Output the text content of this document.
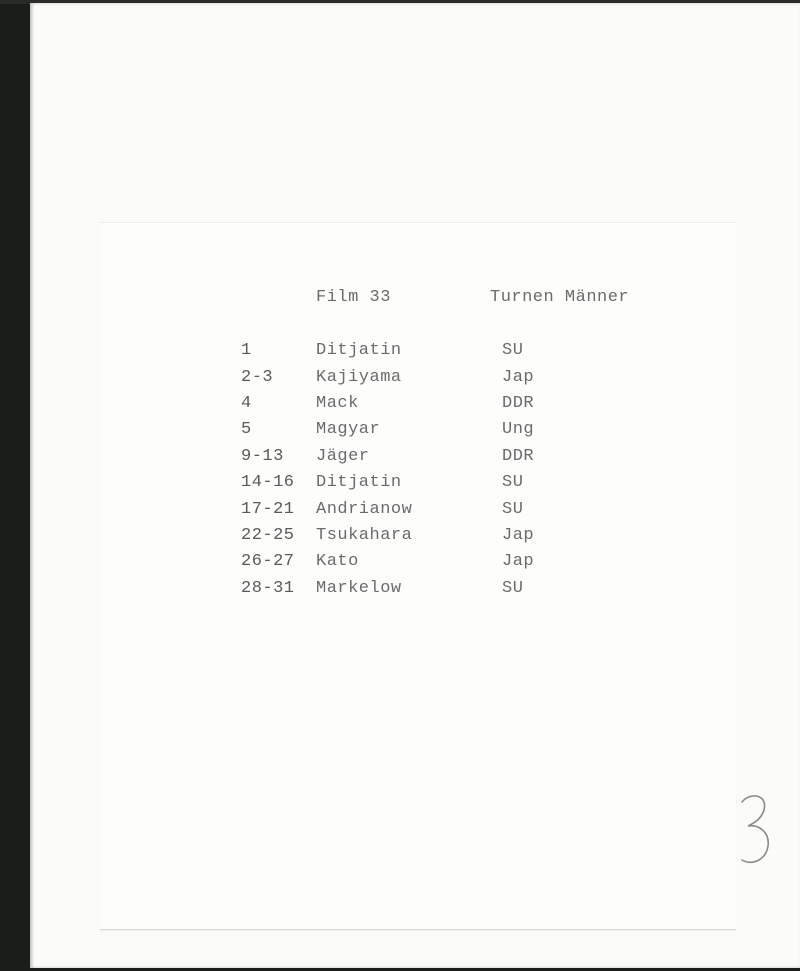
Film 33	Turnen Männer
1	Ditjatin	SU
2-3	Kajiyama	Jap
4	Mack	DDR
5	Magyar	Ung
9-13 Jäger	DDR
14-16 Ditjatin	SU
17-21 Andrianow	SU
22-25 Tsukahara	Jap
26-27 Kato	Jap
28-31 Markelow	SU
